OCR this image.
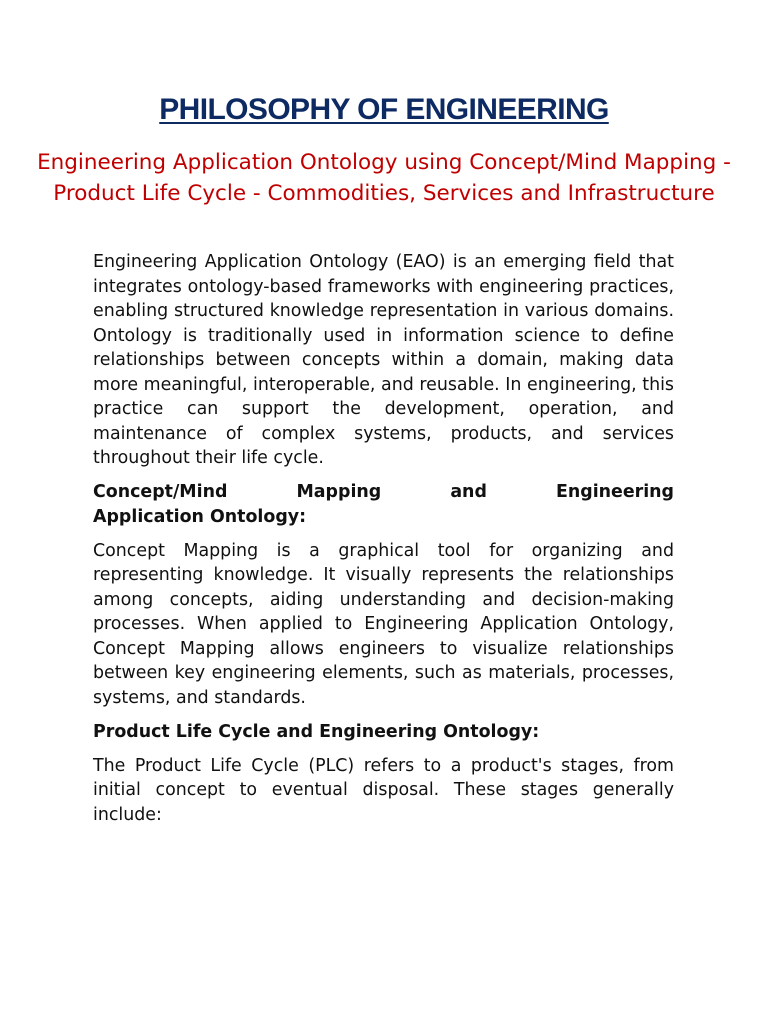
PHILOSOPHY OF ENGINEERING
Engineering Application Ontology using Concept/Mind Mapping - Product Life Cycle - Commodities, Services and Infrastructure

Engineering Application Ontology (EAO) is an emerging field that integrates ontology-based frameworks with engineering practices, enabling structured knowledge representation in various domains. Ontology is traditionally used in information science to define relationships between concepts within a domain, making data more meaningful, interoperable, and reusable. In engineering, this practice can support the development, operation, and maintenance of complex systems, products, and services throughout their life cycle.

Concept/Mind Mapping and Engineering
Application Ontology:

Concept Mapping is a graphical tool for organizing and representing knowledge. It visually represents the relationships among concepts, aiding understanding and decision-making processes. When applied to Engineering Application Ontology, Concept Mapping allows engineers to visualize relationships between key engineering elements, such as materials, processes, systems, and standards.

Product Life Cycle and Engineering Ontology:

The Product Life Cycle (PLC) refers to a product's stages, from initial concept to eventual disposal. These stages generally include:
